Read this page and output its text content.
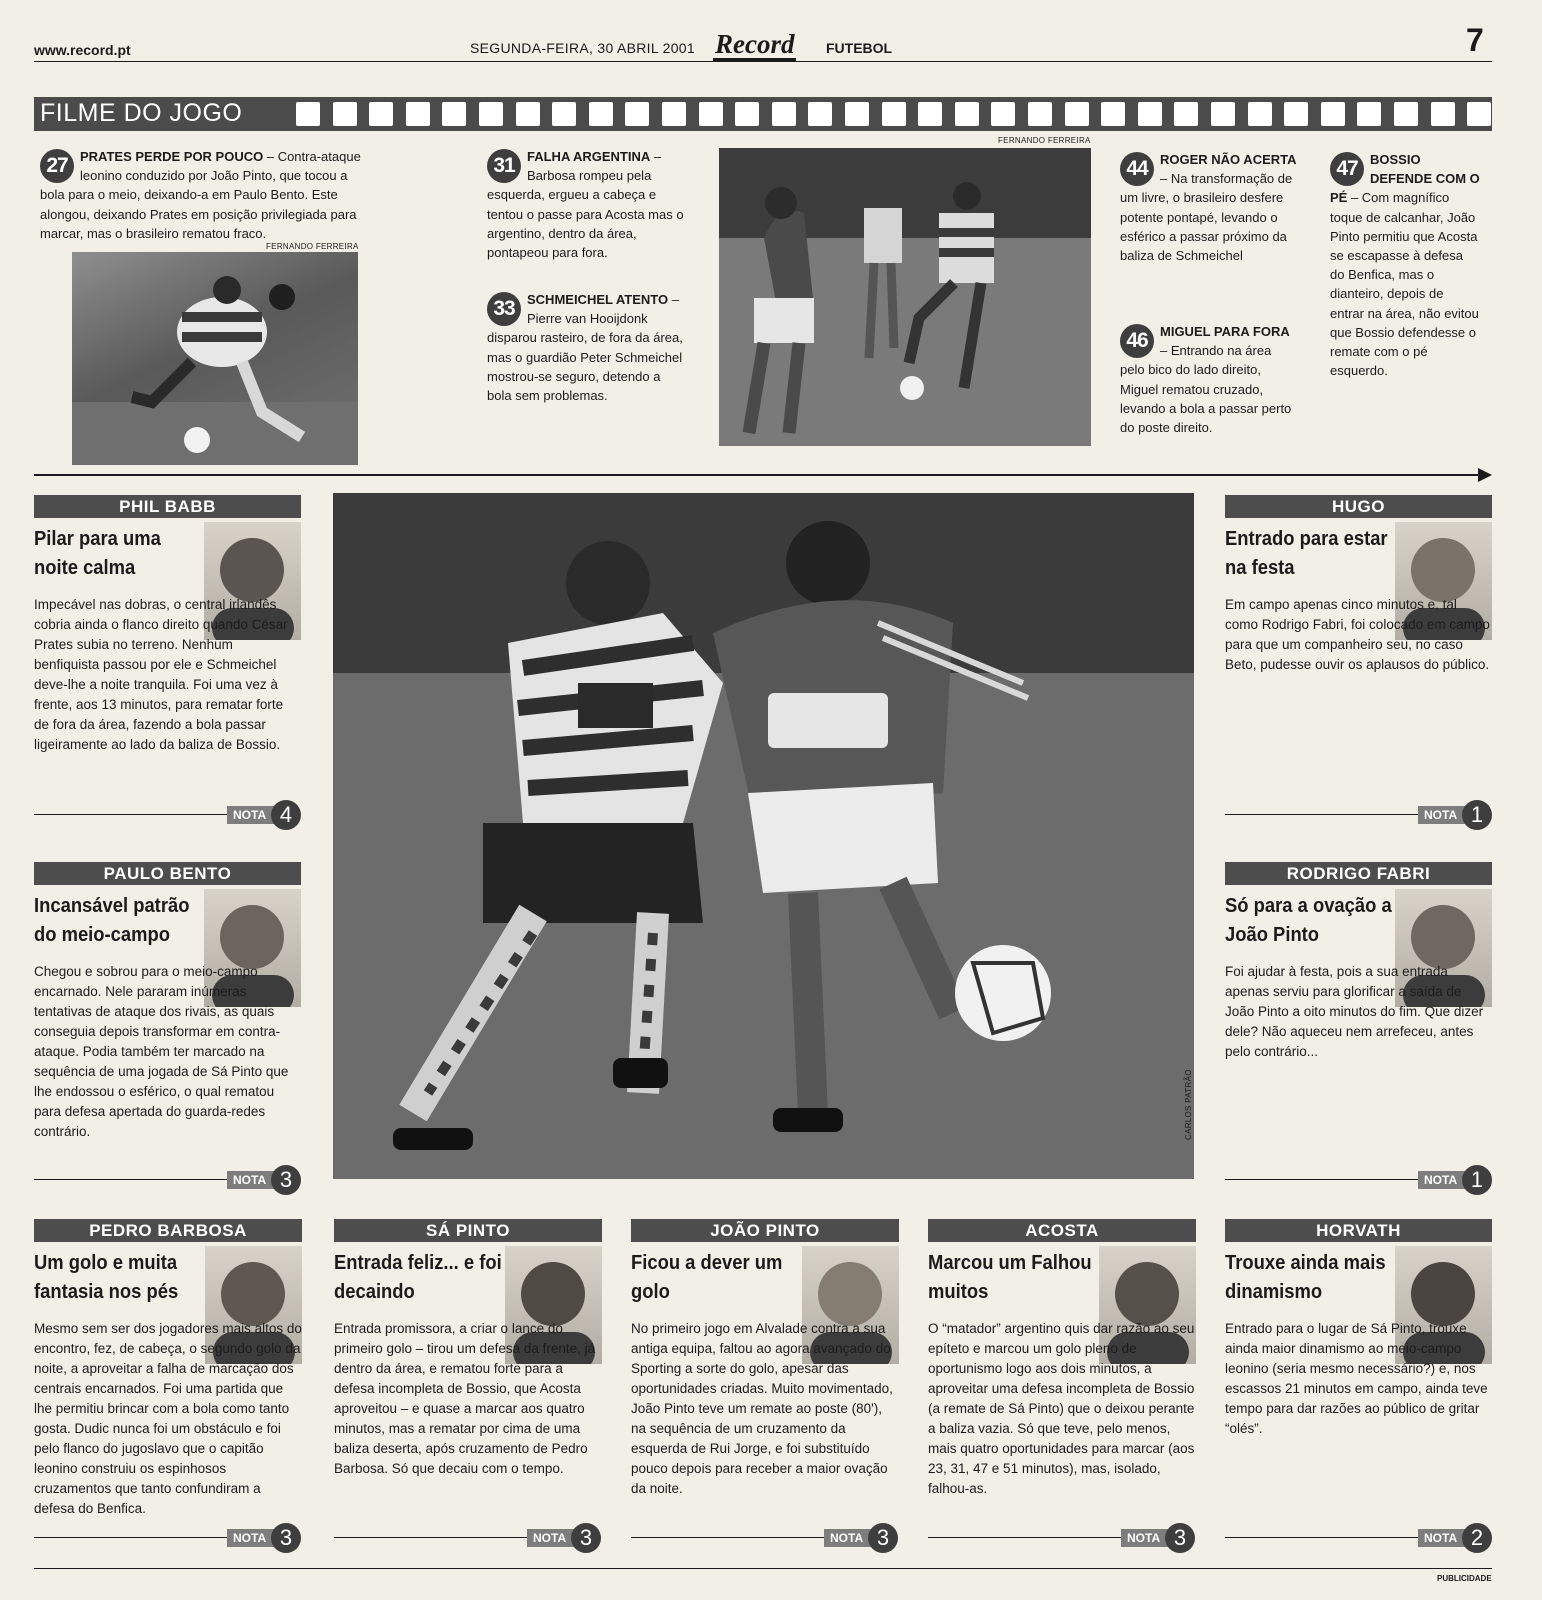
www.record.pt	SEGUNDA-FEIRA, 30 ABRIL 2001 Record FUTEBOL	7
FILME DO JOGO
27 PRATES PERDE POR POUCO – Contra-ataque leonino conduzido por João Pinto, que tocou a bola para o meio, deixando-a em Paulo Bento. Este alongou, deixando Prates em posição privilegiada para marcar, mas o brasileiro rematou fraco.
FERNANDO FERREIRA
31 FALHA ARGENTINA – Barbosa rompeu pela esquerda, ergueu a cabeça e tentou o passe para Acosta mas o argentino, dentro da área, pontapeou para fora.
33 SCHMEICHEL ATENTO – Pierre van Hooijdonk disparou rasteiro, de fora da área, mas o guardião Peter Schmeichel mostrou-se seguro, detendo a bola sem problemas.
FERNANDO FERREIRA
44 ROGER NÃO ACERTA – Na transformação de um livre, o brasileiro desfere potente pontapé, levando o esférico a passar próximo da baliza de Schmeichel
46 MIGUEL PARA FORA – Entrando na área pelo bico do lado direito, Miguel rematou cruzado, levando a bola a passar perto do poste direito.
47 BOSSIO DEFENDE COM O PÉ – Com magnífico toque de calcanhar, João Pinto permitiu que Acosta se escapasse à defesa do Benfica, mas o dianteiro, depois de entrar na área, não evitou que Bossio defendesse o remate com o pé esquerdo.
CARLOS PATRÃO
PHIL BABB
Pilar para uma noite calma
Impecável nas dobras, o central irlandês cobria ainda o flanco direito quando César Prates subia no terreno. Nenhum benfiquista passou por ele e Schmeichel deve-lhe a noite tranquila. Foi uma vez à frente, aos 13 minutos, para rematar forte de fora da área, fazendo a bola passar ligeiramente ao lado da baliza de Bossio.
NOTA 4
PAULO BENTO
Incansável patrão do meio-campo
Chegou e sobrou para o meio-campo encarnado. Nele pararam inúmeras tentativas de ataque dos rivais, as quais conseguia depois transformar em contra-ataque. Podia também ter marcado na sequência de uma jogada de Sá Pinto que lhe endossou o esférico, o qual rematou para defesa apertada do guarda-redes contrário.
NOTA 3
HUGO
Entrado para estar na festa
Em campo apenas cinco minutos e, tal como Rodrigo Fabri, foi colocado em campo para que um companheiro seu, no caso Beto, pudesse ouvir os aplausos do público.
NOTA 1
RODRIGO FABRI
Só para a ovação a João Pinto
Foi ajudar à festa, pois a sua entrada apenas serviu para glorificar a saída de João Pinto a oito minutos do fim. Que dizer dele? Não aqueceu nem arrefeceu, antes pelo contrário...
NOTA 1
PEDRO BARBOSA
Um golo e muita fantasia nos pés
Mesmo sem ser dos jogadores mais altos do encontro, fez, de cabeça, o segundo golo da noite, a aproveitar a falha de marcação dos centrais encarnados. Foi uma partida que lhe permitiu brincar com a bola como tanto gosta. Dudic nunca foi um obstáculo e foi pelo flanco do jugoslavo que o capitão leonino construiu os espinhosos cruzamentos que tanto confundiram a defesa do Benfica.
NOTA 3
SÁ PINTO
Entrada feliz... e foi decaindo
Entrada promissora, a criar o lance do primeiro golo – tirou um defesa da frente, já dentro da área, e rematou forte para a defesa incompleta de Bossio, que Acosta aproveitou – e quase a marcar aos quatro minutos, mas a rematar por cima de uma baliza deserta, após cruzamento de Pedro Barbosa. Só que decaiu com o tempo.
NOTA 3
JOÃO PINTO
Ficou a dever um golo
No primeiro jogo em Alvalade contra a sua antiga equipa, faltou ao agora avançado do Sporting a sorte do golo, apesar das oportunidades criadas. Muito movimentado, João Pinto teve um remate ao poste (80'), na sequência de um cruzamento da esquerda de Rui Jorge, e foi substituído pouco depois para receber a maior ovação da noite.
NOTA 3
ACOSTA
Marcou um Falhou muitos
O “matador” argentino quis dar razão ao seu epíteto e marcou um golo pleno de oportunismo logo aos dois minutos, a aproveitar uma defesa incompleta de Bossio (a remate de Sá Pinto) que o deixou perante a baliza vazia. Só que teve, pelo menos, mais quatro oportunidades para marcar (aos 23, 31, 47 e 51 minutos), mas, isolado, falhou-as.
NOTA 3
HORVATH
Trouxe ainda mais dinamismo
Entrado para o lugar de Sá Pinto, trouxe ainda maior dinamismo ao meio-campo leonino (seria mesmo necessário?) e, nos escassos 21 minutos em campo, ainda teve tempo para dar razões ao público de gritar “olés”.
NOTA 2
PUBLICIDADE
